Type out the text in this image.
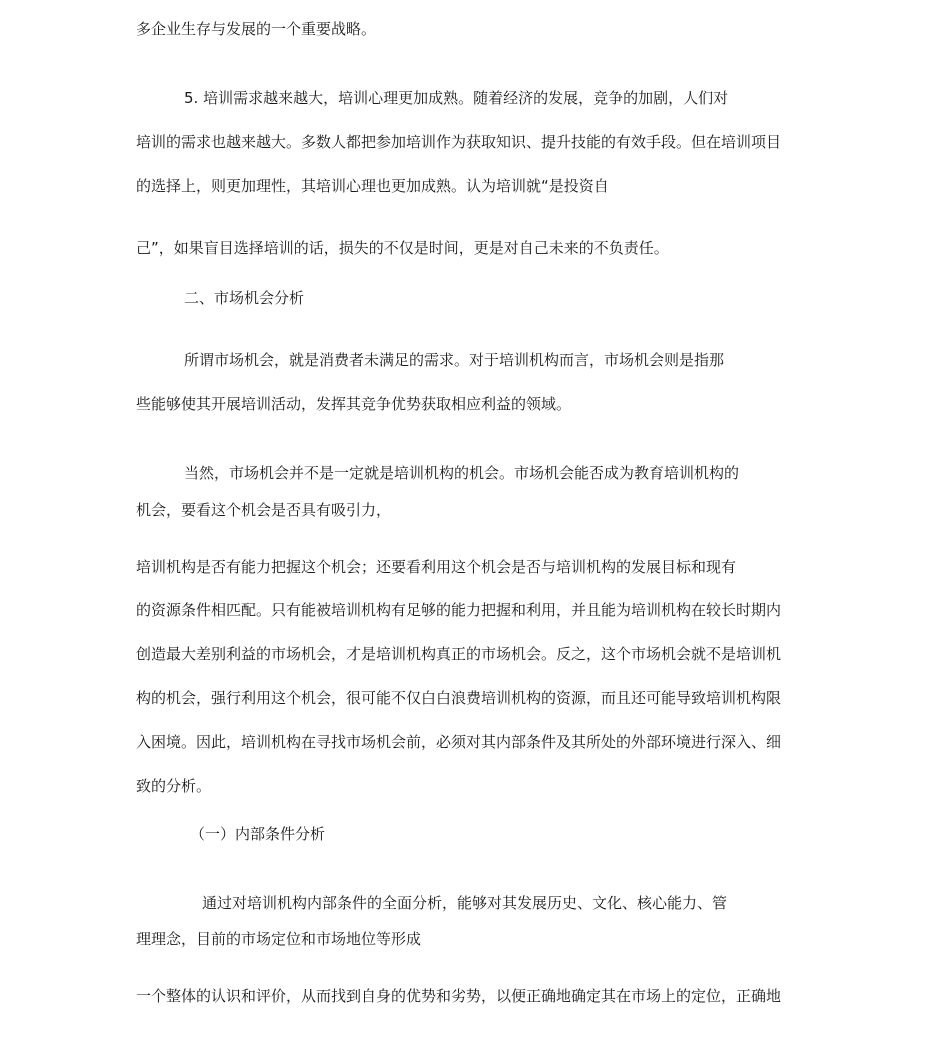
多企业生存与发展的一个重要战略。
5. 培训需求越来越大，培训心理更加成熟。随着经济的发展，竞争的加剧，人们对
培训的需求也越来越大。多数人都把参加培训作为获取知识、提升技能的有效手段。但在培训项目
的选择上，则更加理性，其培训心理也更加成熟。认为培训就“是投资自
己”，如果盲目选择培训的话，损失的不仅是时间，更是对自己未来的不负责任。
二、市场机会分析
所谓市场机会，就是消费者未满足的需求。对于培训机构而言，市场机会则是指那
些能够使其开展培训活动，发挥其竞争优势获取相应利益的领域。
当然，市场机会并不是一定就是培训机构的机会。市场机会能否成为教育培训机构的
机会，要看这个机会是否具有吸引力，
培训机构是否有能力把握这个机会；还要看利用这个机会是否与培训机构的发展目标和现有
的资源条件相匹配。只有能被培训机构有足够的能力把握和利用，并且能为培训机构在较长时期内
创造最大差别利益的市场机会，才是培训机构真正的市场机会。反之，这个市场机会就不是培训机
构的机会，强行利用这个机会，很可能不仅白白浪费培训机构的资源，而且还可能导致培训机构限
入困境。因此，培训机构在寻找市场机会前，必须对其内部条件及其所处的外部环境进行深入、细
致的分析。
（一）内部条件分析
通过对培训机构内部条件的全面分析，能够对其发展历史、文化、核心能力、管
理理念，目前的市场定位和市场地位等形成
一个整体的认识和评价，从而找到自身的优势和劣势，以便正确地确定其在市场上的定位，正确地
